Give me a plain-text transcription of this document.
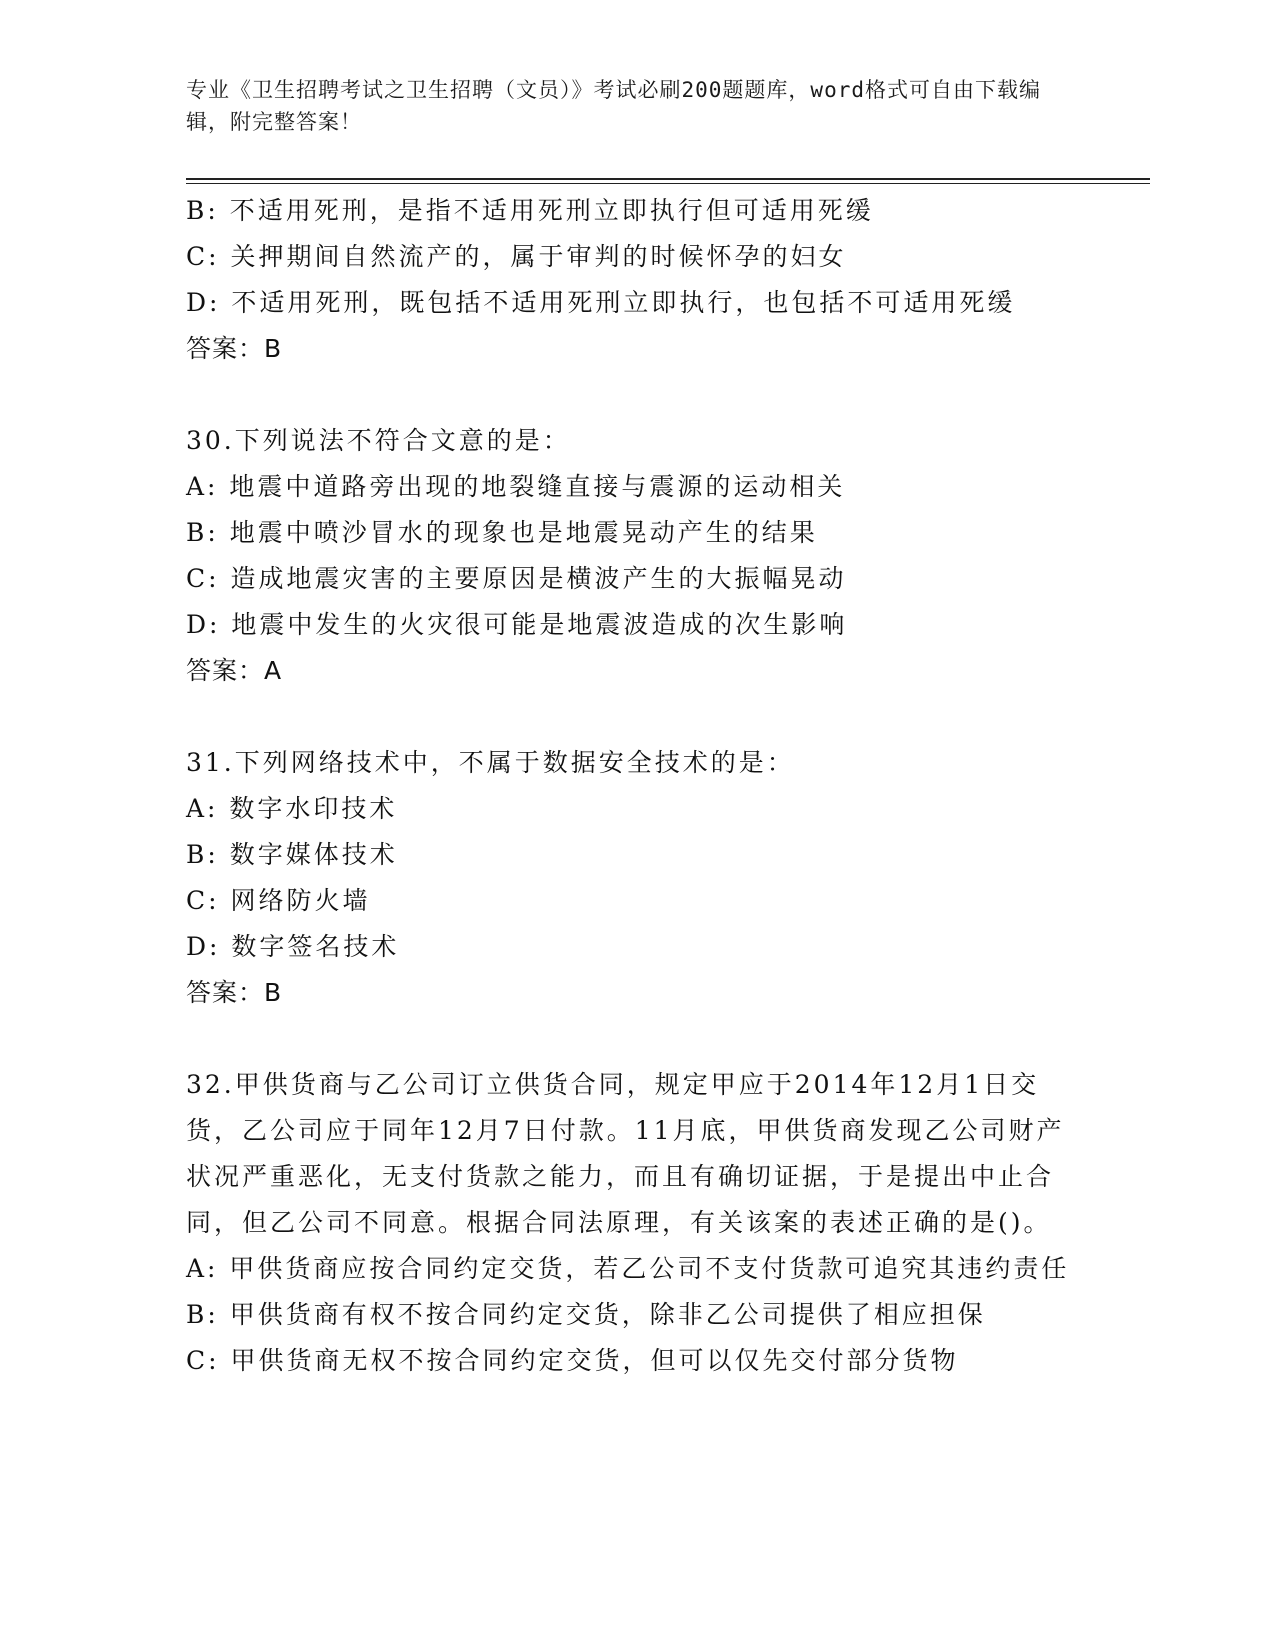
专业《卫生招聘考试之卫生招聘（文员）》考试必刷200题题库，word格式可自由下载编辑，附完整答案！

B: 不适用死刑，是指不适用死刑立即执行但可适用死缓

C: 关押期间自然流产的，属于审判的时候怀孕的妇女

D: 不适用死刑，既包括不适用死刑立即执行，也包括不可适用死缓

答案：B

30.下列说法不符合文意的是：

A: 地震中道路旁出现的地裂缝直接与震源的运动相关

B: 地震中喷沙冒水的现象也是地震晃动产生的结果

C: 造成地震灾害的主要原因是横波产生的大振幅晃动

D: 地震中发生的火灾很可能是地震波造成的次生影响

答案：A

31.下列网络技术中，不属于数据安全技术的是：

A: 数字水印技术

B: 数字媒体技术

C: 网络防火墙

D: 数字签名技术

答案：B

32.甲供货商与乙公司订立供货合同，规定甲应于2014年12月1日交货，乙公司应于同年12月7日付款。11月底，甲供货商发现乙公司财产状况严重恶化，无支付货款之能力，而且有确切证据，于是提出中止合同，但乙公司不同意。根据合同法原理，有关该案的表述正确的是()。

A: 甲供货商应按合同约定交货，若乙公司不支付货款可追究其违约责任

B: 甲供货商有权不按合同约定交货，除非乙公司提供了相应担保

C: 甲供货商无权不按合同约定交货，但可以仅先交付部分货物
